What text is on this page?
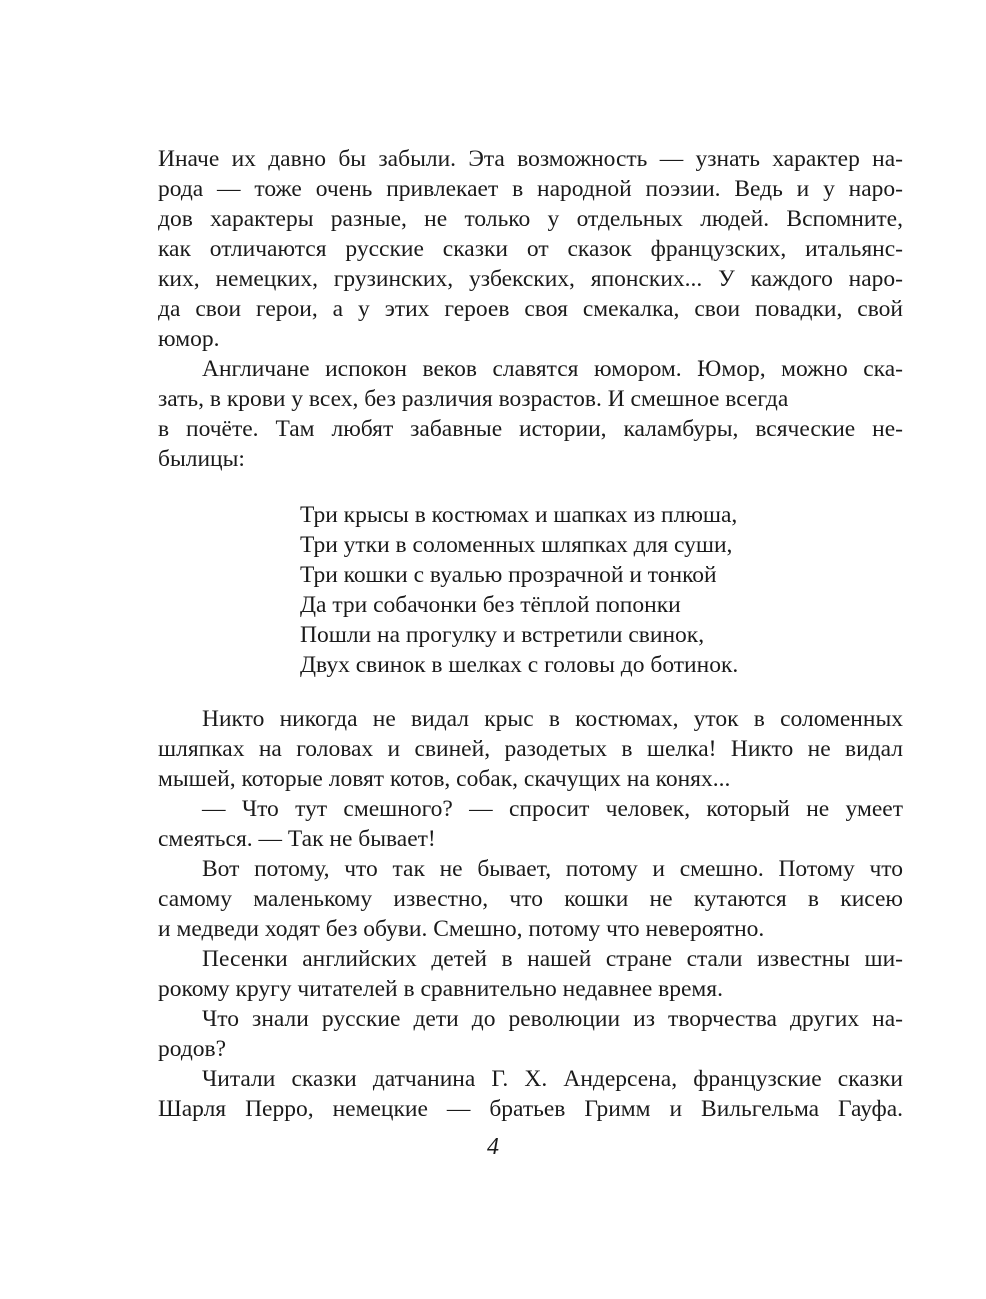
Иначе их давно бы забыли. Эта возможность — узнать характер на-
рода — тоже очень привлекает в народной поэзии. Ведь и у наро-
дов характеры разные, не только у отдельных людей. Вспомните,
как отличаются русские сказки от сказок французских, итальянс-
ких, немецких, грузинских, узбекских, японских... У каждого наро-
да свои герои, а у этих героев своя смекалка, свои повадки, свой
юмор.
Англичане испокон веков славятся юмором. Юмор, можно ска-
зать, в крови у всех, без различия возрастов. И смешное всегда
в почёте. Там любят забавные истории, каламбуры, всяческие не-
былицы:
Три крысы в костюмах и шапках из плюша,
Три утки в соломенных шляпках для суши,
Три кошки с вуалью прозрачной и тонкой
Да три собачонки без тёплой попонки
Пошли на прогулку и встретили свинок,
Двух свинок в шелках с головы до ботинок.
Никто никогда не видал крыс в костюмах, уток в соломенных
шляпках на головах и свиней, разодетых в шелка! Никто не видал
мышей, которые ловят котов, собак, скачущих на конях...
— Что тут смешного? — спросит человек, который не умеет
смеяться. — Так не бывает!
Вот потому, что так не бывает, потому и смешно. Потому что
самому маленькому известно, что кошки не кутаются в кисею
и медведи ходят без обуви. Смешно, потому что невероятно.
Песенки английских детей в нашей стране стали известны ши-
рокому кругу читателей в сравнительно недавнее время.
Что знали русские дети до революции из творчества других на-
родов?
Читали сказки датчанина Г. Х. Андерсена, французские сказки
Шарля Перро, немецкие — братьев Гримм и Вильгельма Гауфа.
4
